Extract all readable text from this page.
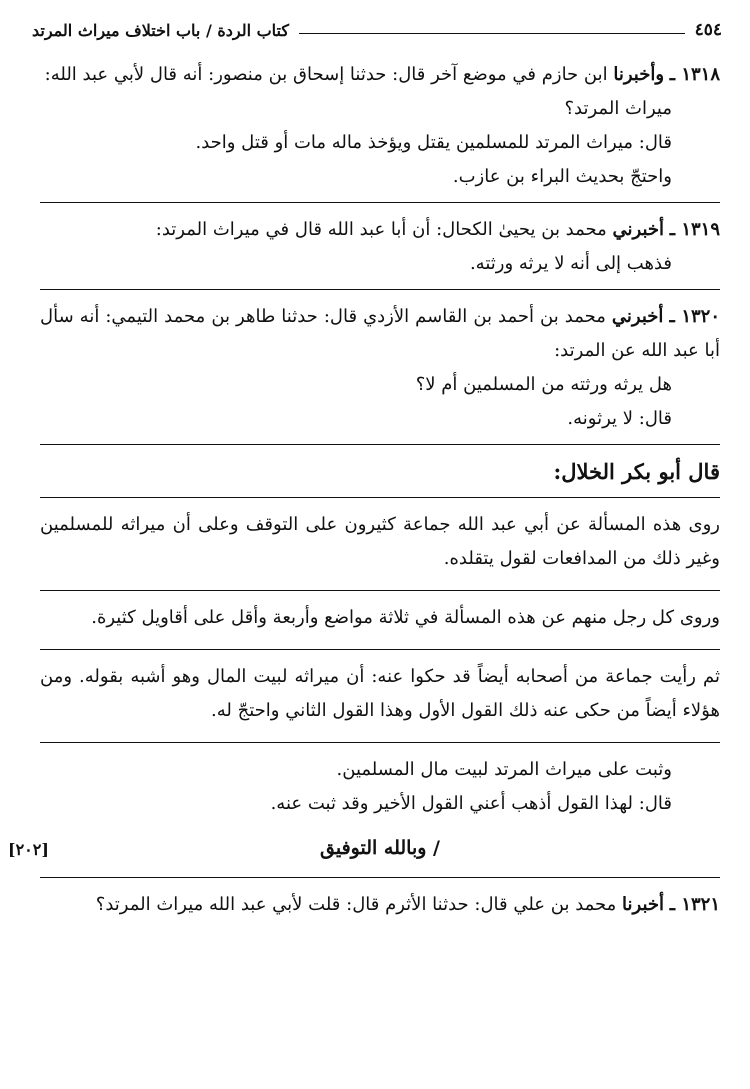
٤٥٤
كتاب الردة / باب اختلاف ميراث المرتد

١٣١٨ ـ وأخبرنا ابن حازم في موضع آخر قال: حدثنا إسحاق بن منصور: أنه قال لأبي عبد الله:

ميراث المرتد؟

قال: ميراث المرتد للمسلمين يقتل ويؤخذ ماله مات أو قتل واحد.

واحتجّ بحديث البراء بن عازب.

١٣١٩ ـ أخبرني محمد بن يحيىٰ الكحال: أن أبا عبد الله قال في ميراث المرتد:

فذهب إلى أنه لا يرثه ورثته.

١٣٢٠ ـ أخبرني محمد بن أحمد بن القاسم الأزدي قال: حدثنا طاهر بن محمد التيمي: أنه سأل أبا عبد الله عن المرتد:

هل يرثه ورثته من المسلمين أم لا؟

قال: لا يرثونه.

قال أبو بكر الخلال:

روى هذه المسألة عن أبي عبد الله جماعة كثيرون على التوقف وعلى أن ميراثه للمسلمين وغير ذلك من المدافعات لقول يتقلده.

وروى كل رجل منهم عن هذه المسألة في ثلاثة مواضع وأربعة وأقل على أقاويل كثيرة.

ثم رأيت جماعة من أصحابه أيضاً قد حكوا عنه: أن ميراثه لبيت المال وهو أشبه بقوله. ومن هؤلاء أيضاً من حكى عنه ذلك القول الأول وهذا القول الثاني واحتجّ له.

وثبت على ميراث المرتد لبيت مال المسلمين.

قال: لهذا القول أذهب أعني القول الأخير وقد ثبت عنه.

/ وبالله التوفيق
[٢٠٢]

١٣٢١ ـ أخبرنا محمد بن علي قال: حدثنا الأثرم قال: قلت لأبي عبد الله ميراث المرتد؟
